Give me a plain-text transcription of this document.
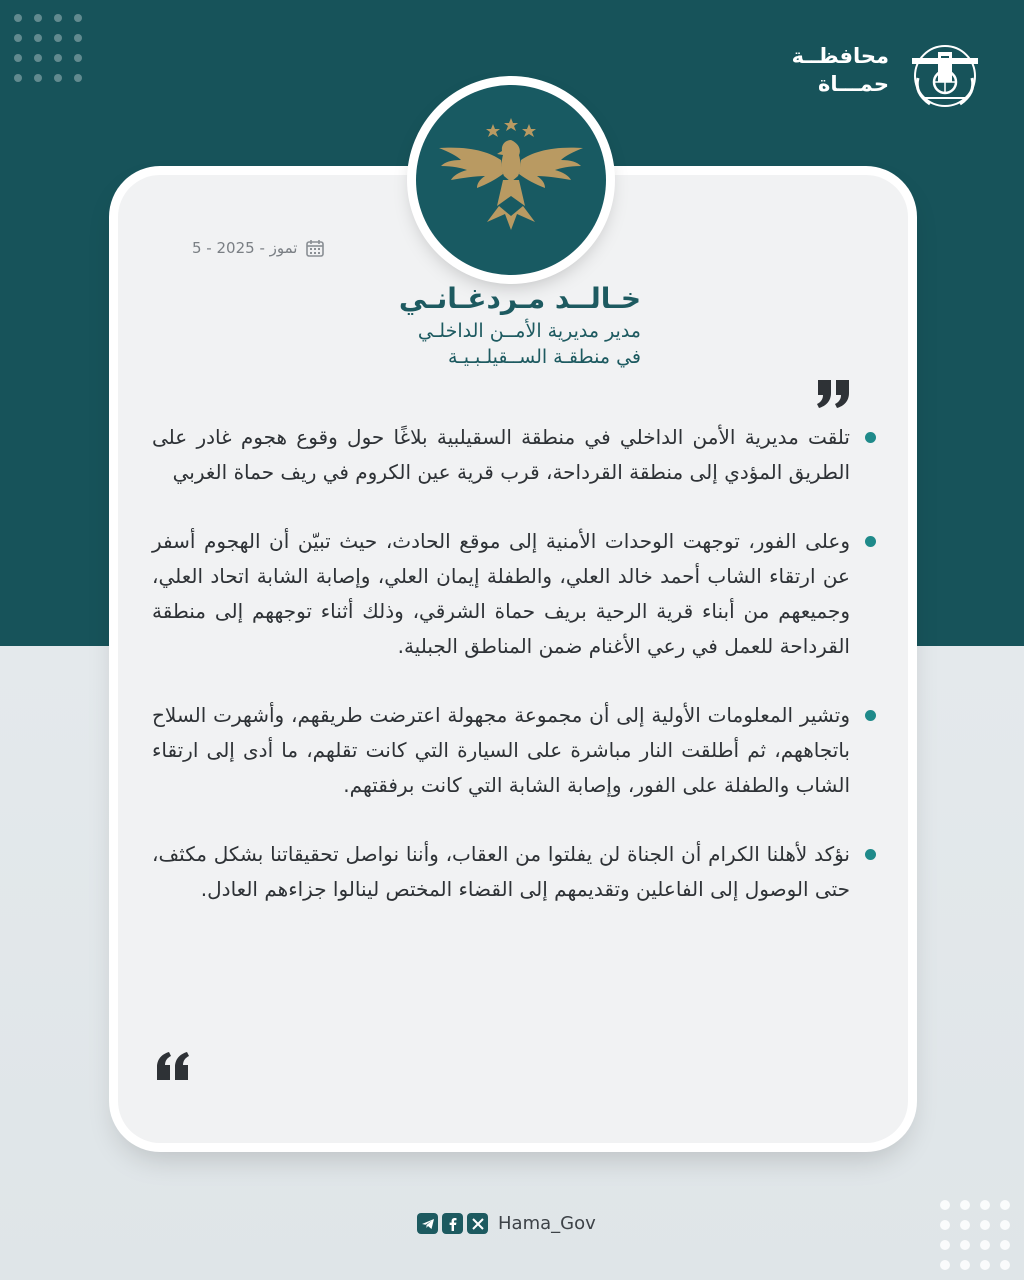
محافظــة
حمـــاة
5 - تموز - 2025
خـالــد مـردغـانـي
مدير مديرية الأمــن الداخلـي
في منطقـة الســقيلـبـيـة
تلقت مديرية الأمن الداخلي في منطقة السقيلبية بلاغًا حول وقوع هجوم غادر على الطريق المؤدي إلى منطقة القرداحة، قرب قرية عين الكروم في ريف حماة الغربي
وعلى الفور، توجهت الوحدات الأمنية إلى موقع الحادث، حيث تبيّن أن الهجوم أسفر عن ارتقاء الشاب أحمد خالد العلي، والطفلة إيمان العلي، وإصابة الشابة اتحاد العلي، وجميعهم من أبناء قرية الرحية بريف حماة الشرقي، وذلك أثناء توجههم إلى منطقة القرداحة للعمل في رعي الأغنام ضمن المناطق الجبلية.
وتشير المعلومات الأولية إلى أن مجموعة مجهولة اعترضت طريقهم، وأشهرت السلاح باتجاههم، ثم أطلقت النار مباشرة على السيارة التي كانت تقلهم، ما أدى إلى ارتقاء الشاب والطفلة على الفور، وإصابة الشابة التي كانت برفقتهم.
نؤكد لأهلنا الكرام أن الجناة لن يفلتوا من العقاب، وأننا نواصل تحقيقاتنا بشكل مكثف، حتى الوصول إلى الفاعلين وتقديمهم إلى القضاء المختص لينالوا جزاءهم العادل.
Hama_Gov
